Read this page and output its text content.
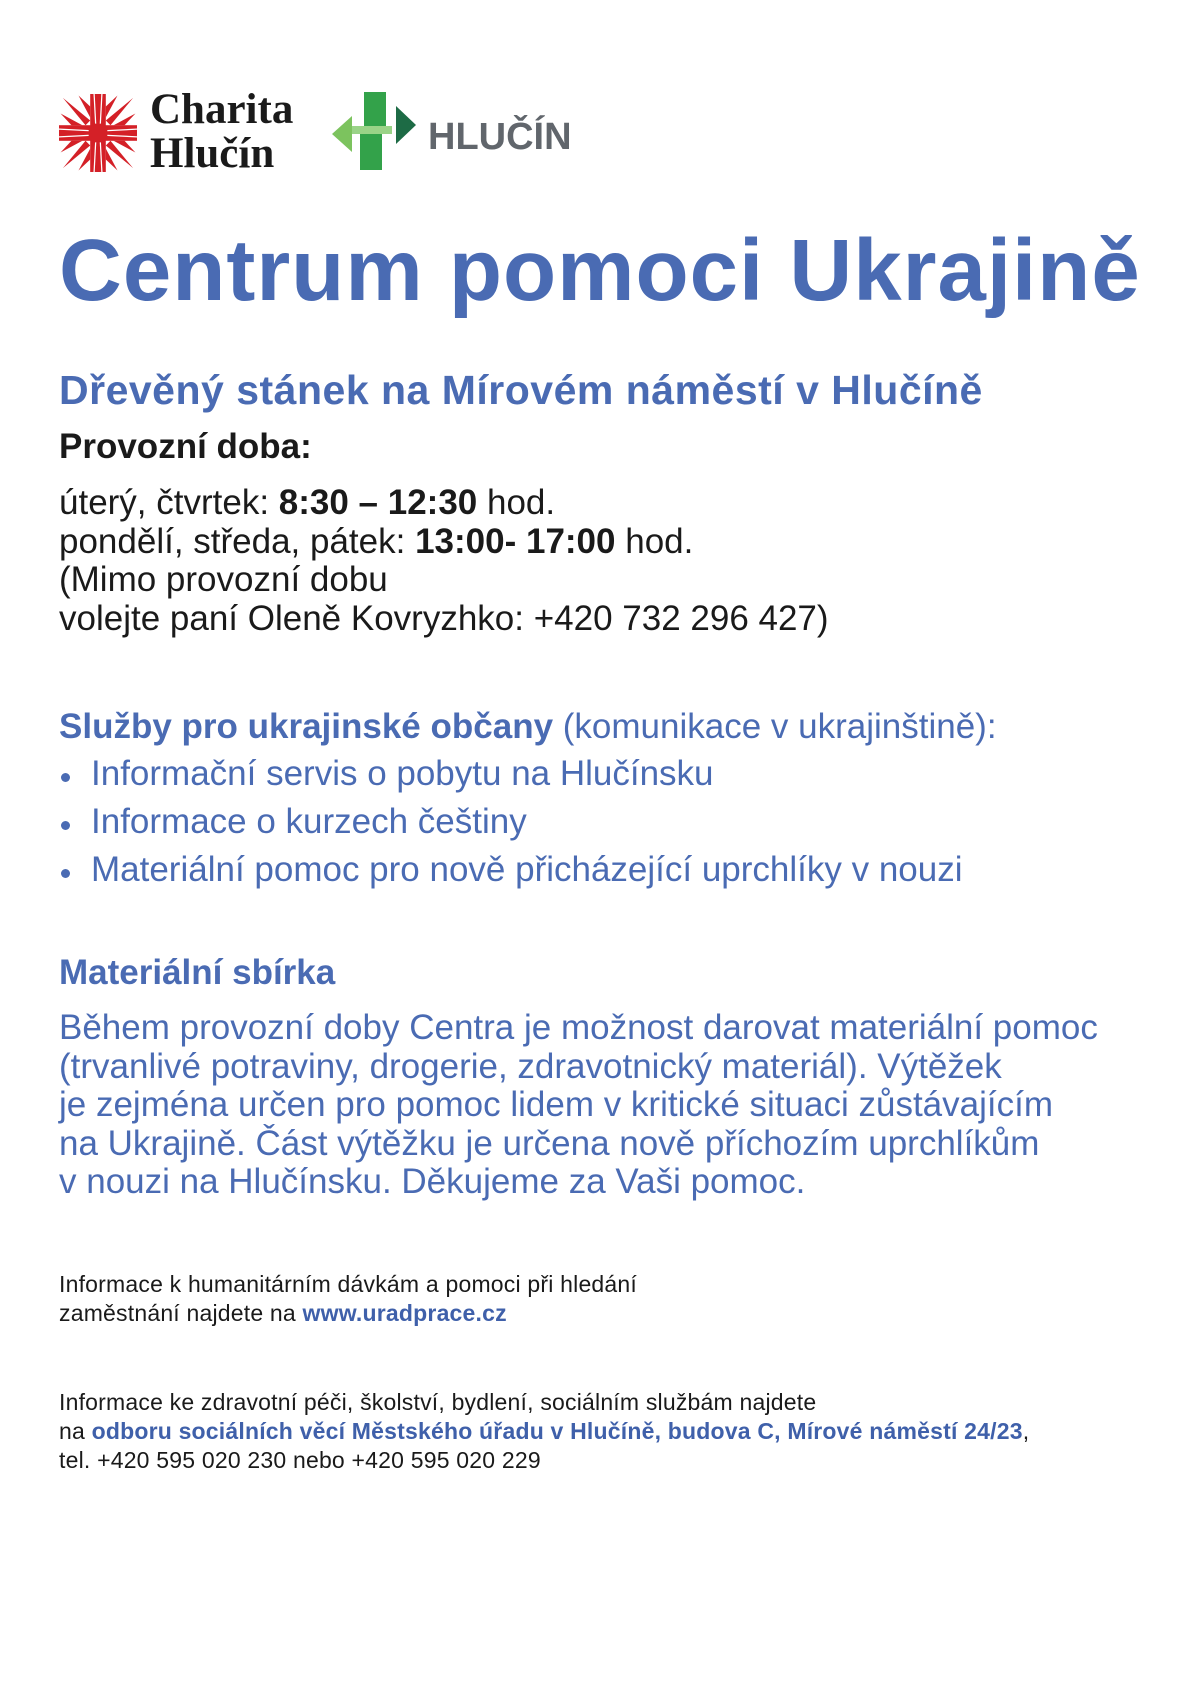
Charita
Hlučín	HLUČÍN
Centrum pomoci Ukrajině
Dřevěný stánek na Mírovém náměstí v Hlučíně
Provozní doba:
úterý, čtvrtek: 8:30 – 12:30 hod.
pondělí, středa, pátek: 13:00- 17:00 hod.
(Mimo provozní dobu
volejte paní Oleně Kovryzhko: +420 732 296 427)
Služby pro ukrajinské občany (komunikace v ukrajinštině):
Informační servis o pobytu na Hlučínsku
Informace o kurzech češtiny
Materiální pomoc pro nově přicházející uprchlíky v nouzi
Materiální sbírka
Během provozní doby Centra je možnost darovat materiální pomoc
(trvanlivé potraviny, drogerie, zdravotnický materiál). Výtěžek
je zejména určen pro pomoc lidem v kritické situaci zůstávajícím
na Ukrajině. Část výtěžku je určena nově příchozím uprchlíkům
v nouzi na Hlučínsku. Děkujeme za Vaši pomoc.
Informace k humanitárním dávkám a pomoci při hledání
zaměstnání najdete na www.uradprace.cz
Informace ke zdravotní péči, školství, bydlení, sociálním službám najdete
na odboru sociálních věcí Městského úřadu v Hlučíně, budova C, Mírové náměstí 24/23,
tel. +420 595 020 230 nebo +420 595 020 229
